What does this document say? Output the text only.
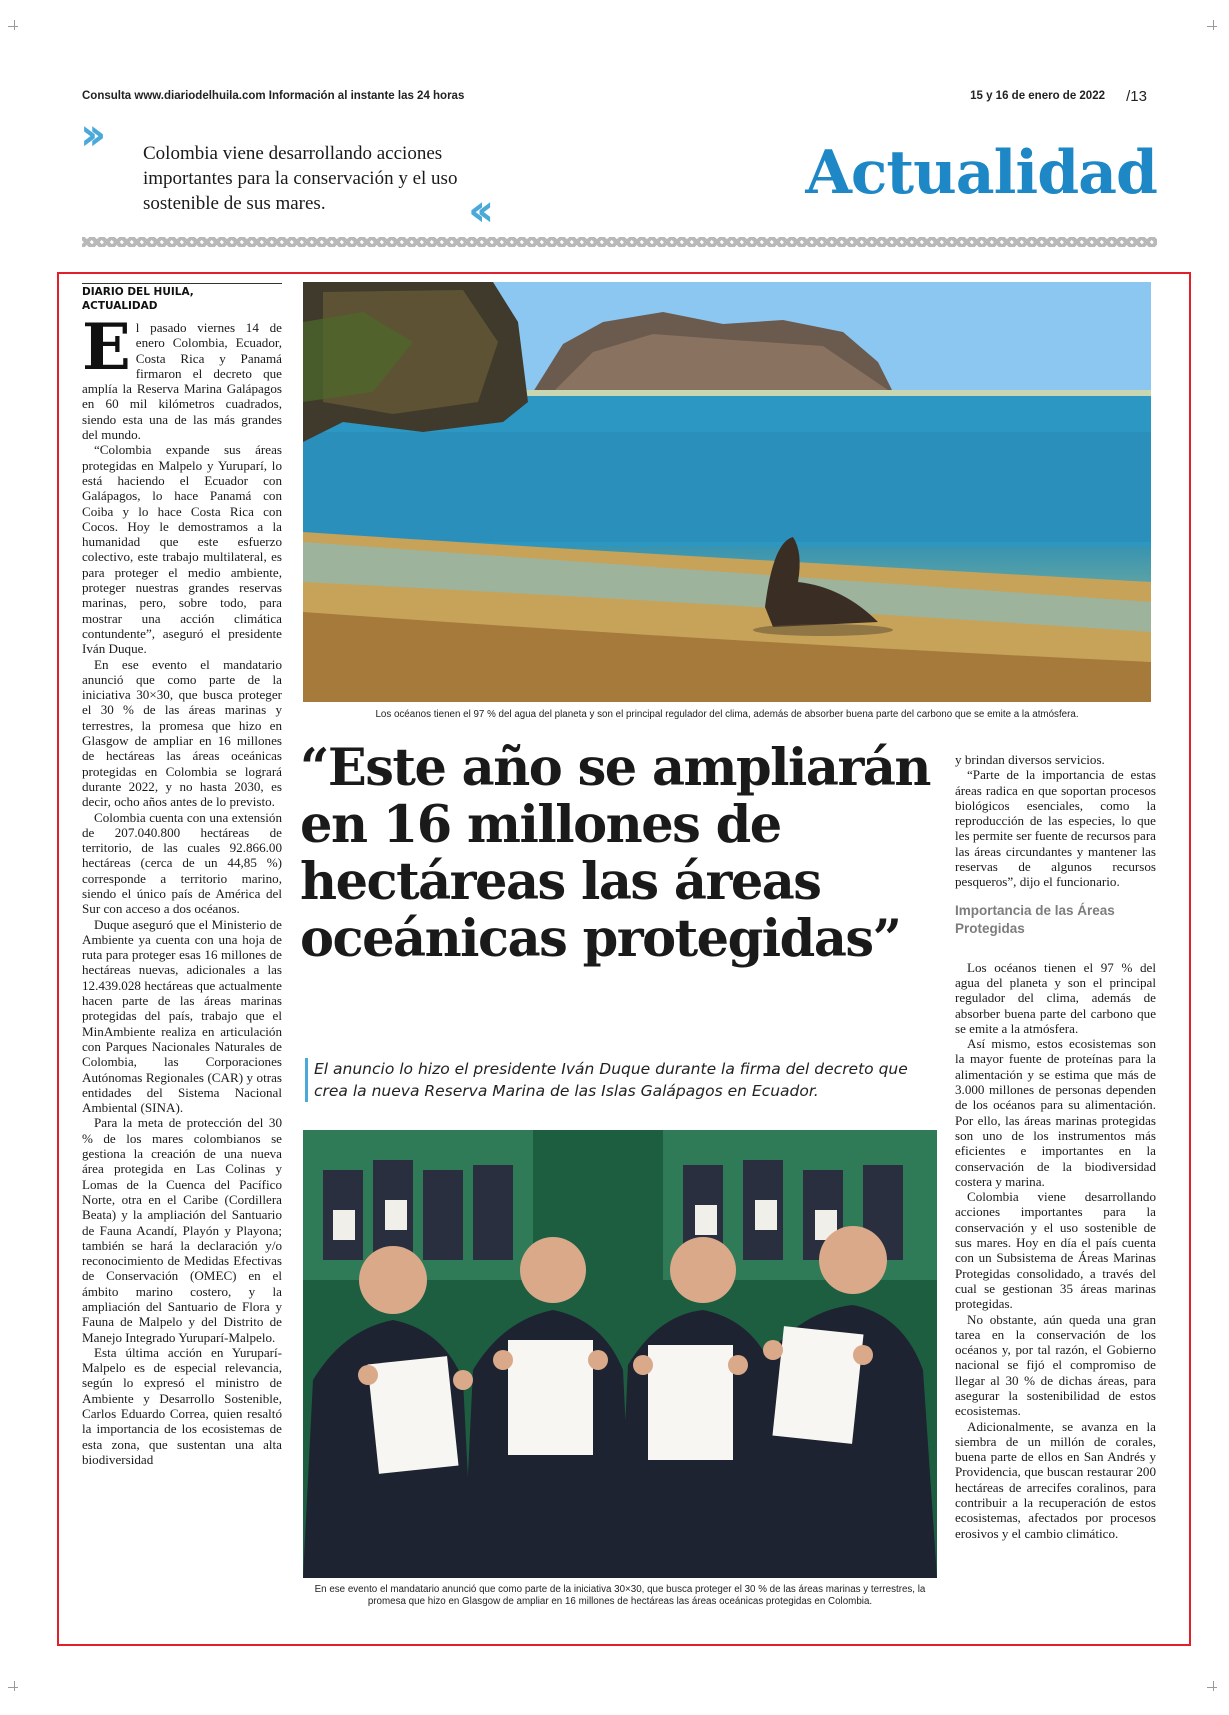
Consulta www.diariodelhuila.com Información al instante las 24 horas	15 y 16 de enero de 2022 /13
›› Colombia viene desarrollando acciones importantes para la conservación y el uso sostenible de sus mares.	‹‹
Actualidad
DIARIO DEL HUILA,
ACTUALIDAD

El pasado viernes 14 de enero Colombia, Ecuador, Costa Rica y Panamá firmaron el decreto que amplía la Reserva Marina Galápagos en 60 mil kilómetros cuadrados, siendo esta una de las más grandes del mundo.

“Colombia expande sus áreas protegidas en Malpelo y Yuruparí, lo está haciendo el Ecuador con Galápagos, lo hace Panamá con Coiba y lo hace Costa Rica con Cocos. Hoy le demostramos a la humanidad que este esfuerzo colectivo, este trabajo multilateral, es para proteger el medio ambiente, proteger nuestras grandes reservas marinas, pero, sobre todo, para mostrar una acción climática contundente”, aseguró el presidente Iván Duque.

En ese evento el mandatario anunció que como parte de la iniciativa 30×30, que busca proteger el 30 % de las áreas marinas y terrestres, la promesa que hizo en Glasgow de ampliar en 16 millones de hectáreas las áreas oceánicas protegidas en Colombia se logrará durante 2022, y no hasta 2030, es decir, ocho años antes de lo previsto.

Colombia cuenta con una extensión de 207.040.800 hectáreas de territorio, de las cuales 92.866.00 hectáreas (cerca de un 44,85 %) corresponde a territorio marino, siendo el único país de América del Sur con acceso a dos océanos.

Duque aseguró que el Ministerio de Ambiente ya cuenta con una hoja de ruta para proteger esas 16 millones de hectáreas nuevas, adicionales a las 12.439.028 hectáreas que actualmente hacen parte de las áreas marinas protegidas del país, trabajo que el MinAmbiente realiza en articulación con Parques Nacionales Naturales de Colombia, las Corporaciones Autónomas Regionales (CAR) y otras entidades del Sistema Nacional Ambiental (SINA).

Para la meta de protección del 30 % de los mares colombianos se gestiona la creación de una nueva área protegida en Las Colinas y Lomas de la Cuenca del Pacífico Norte, otra en el Caribe (Cordillera Beata) y la ampliación del Santuario de Fauna Acandí, Playón y Playona; también se hará la declaración y/o reconocimiento de Medidas Efectivas de Conservación (OMEC) en el ámbito marino costero, y la ampliación del Santuario de Flora y Fauna de Malpelo y del Distrito de Manejo Integrado Yuruparí-Malpelo.

Esta última acción en Yuruparí-Malpelo es de especial relevancia, según lo expresó el ministro de Ambiente y Desarrollo Sostenible, Carlos Eduardo Correa, quien resaltó la importancia de los ecosistemas de esta zona, que sustentan una alta biodiversidad

Los océanos tienen el 97 % del agua del planeta y son el principal regulador del clima, además de absorber buena parte del carbono que se emite a la atmósfera.
“Este año se ampliarán en 16 millones de hectáreas las áreas oceánicas protegidas”
El anuncio lo hizo el presidente Iván Duque durante la firma del decreto que crea la nueva Reserva Marina de las Islas Galápagos en Ecuador.
En ese evento el mandatario anunció que como parte de la iniciativa 30×30, que busca proteger el 30 % de las áreas marinas y terrestres, la promesa que hizo en Glasgow de ampliar en 16 millones de hectáreas las áreas oceánicas protegidas en Colombia.

y brindan diversos servicios.

“Parte de la importancia de estas áreas radica en que soportan procesos biológicos esenciales, como la reproducción de las especies, lo que les permite ser fuente de recursos para las áreas circundantes y mantener las reservas de algunos recursos pesqueros”, dijo el funcionario.

Importancia de las Áreas Protegidas

Los océanos tienen el 97 % del agua del planeta y son el principal regulador del clima, además de absorber buena parte del carbono que se emite a la atmósfera.

Así mismo, estos ecosistemas son la mayor fuente de proteínas para la alimentación y se estima que más de 3.000 millones de personas dependen de los océanos para su alimentación. Por ello, las áreas marinas protegidas son uno de los instrumentos más eficientes e importantes en la conservación de la biodiversidad costera y marina.

Colombia viene desarrollando acciones importantes para la conservación y el uso sostenible de sus mares. Hoy en día el país cuenta con un Subsistema de Áreas Marinas Protegidas consolidado, a través del cual se gestionan 35 áreas marinas protegidas.

No obstante, aún queda una gran tarea en la conservación de los océanos y, por tal razón, el Gobierno nacional se fijó el compromiso de llegar al 30 % de dichas áreas, para asegurar la sostenibilidad de estos ecosistemas.

Adicionalmente, se avanza en la siembra de un millón de corales, buena parte de ellos en San Andrés y Providencia, que buscan restaurar 200 hectáreas de arrecifes coralinos, para contribuir a la recuperación de estos ecosistemas, afectados por procesos erosivos y el cambio climático.
